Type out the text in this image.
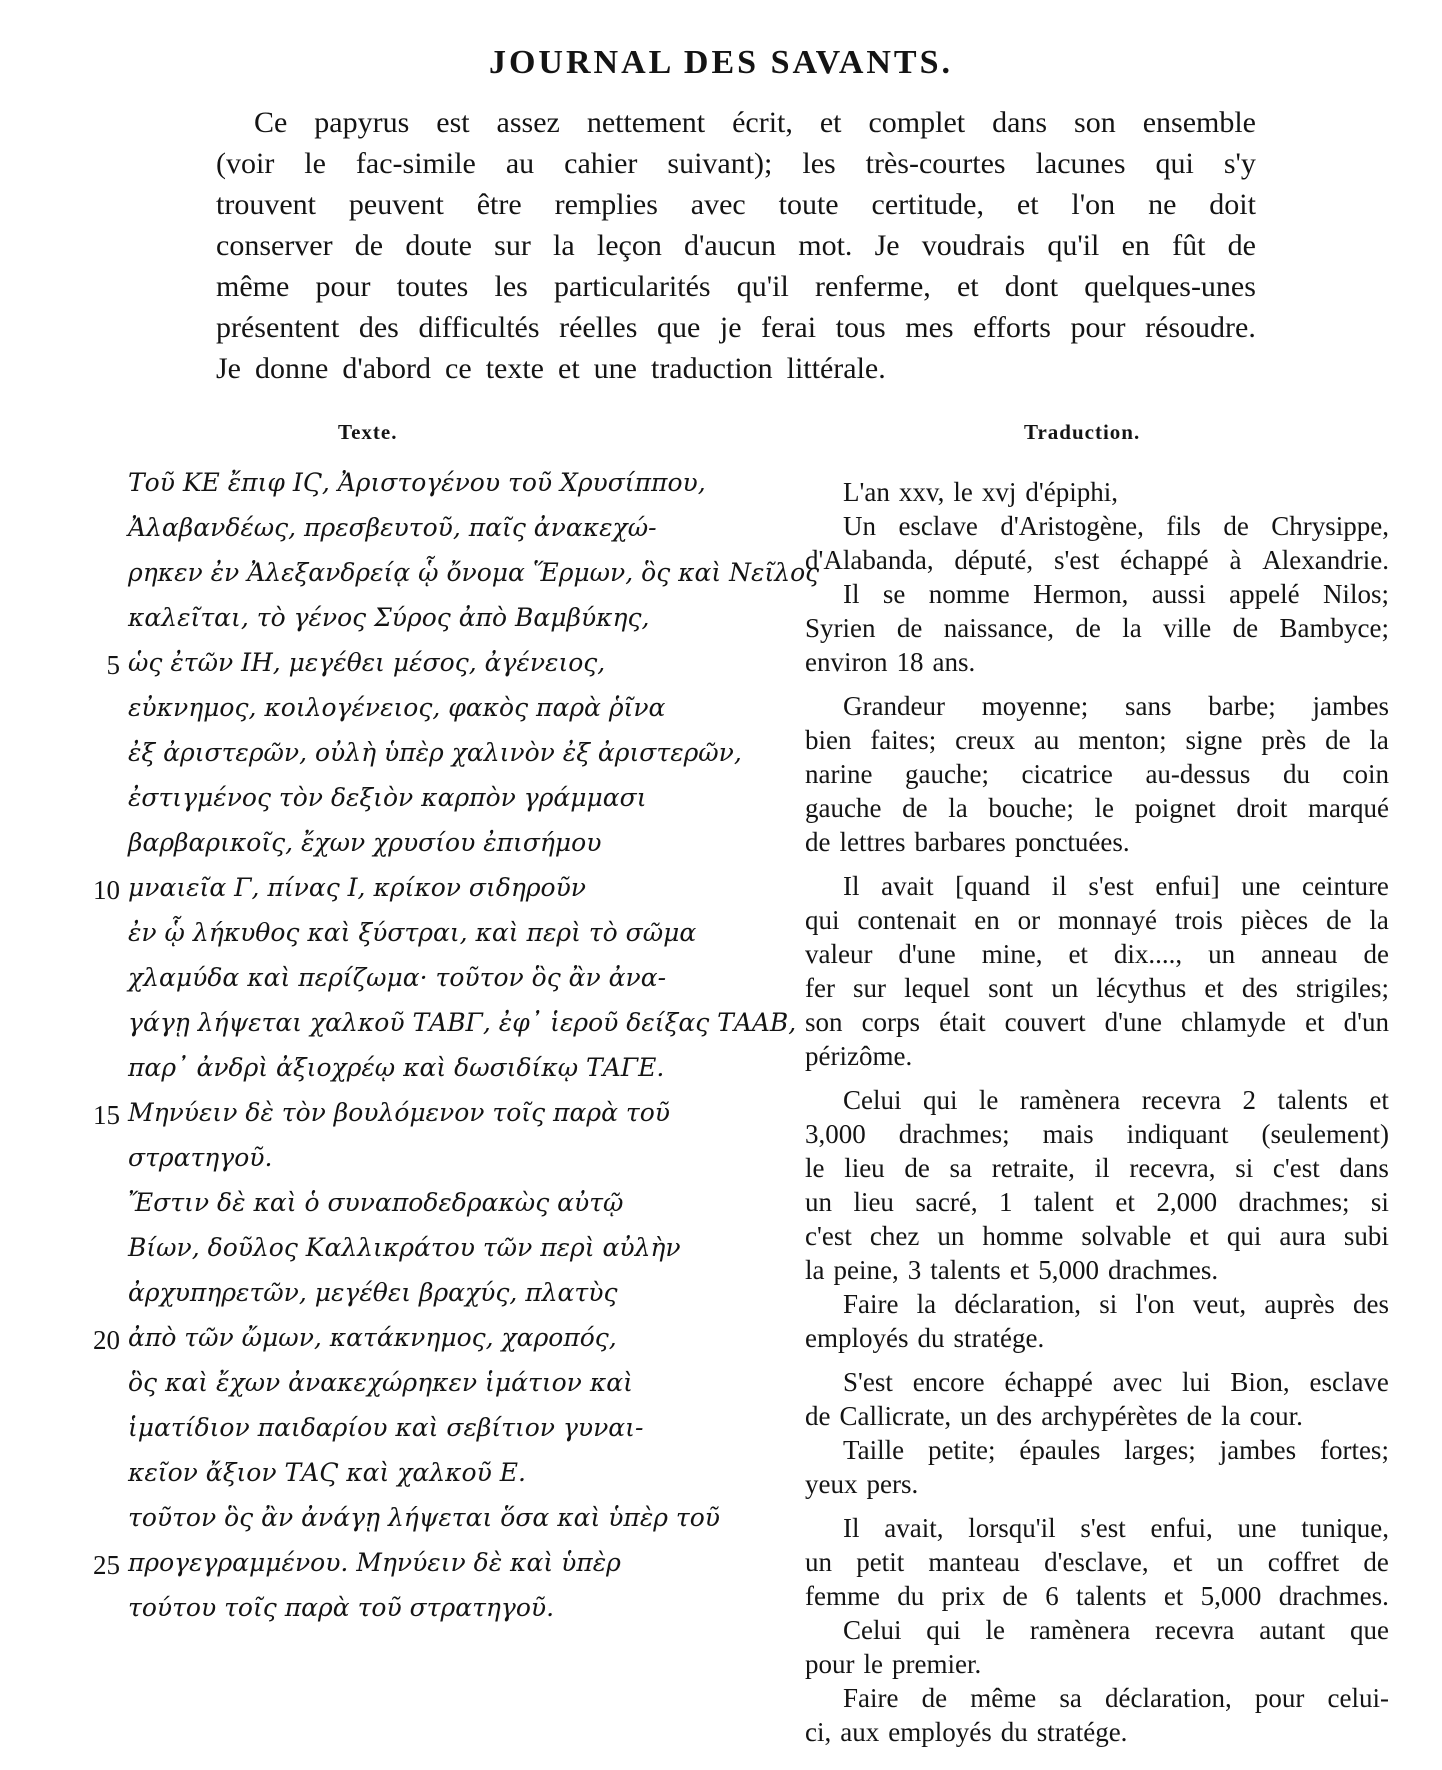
JOURNAL DES SAVANTS.
Ce papyrus est assez nettement écrit, et complet dans son ensemble
(voir le fac-simile au cahier suivant); les très-courtes lacunes qui s'y
trouvent peuvent être remplies avec toute certitude, et l'on ne doit
conserver de doute sur la leçon d'aucun mot. Je voudrais qu'il en fût de
même pour toutes les particularités qu'il renferme, et dont quelques-unes
présentent des difficultés réelles que je ferai tous mes efforts pour résoudre.
Je donne d'abord ce texte et une traduction littérale.
Texte.	Traduction.
Τοῦ ΚΕ ἔπιφ ΙϚ, Ἀριστογένου τοῦ Χρυσίππου,
Ἀλαβανδέως, πρεσβευτοῦ, παῖς ἀνακεχώ-
ρηκεν ἐν Ἀλεξανδρείᾳ ᾧ ὄνομα Ἕρμων, ὃς καὶ Νεῖλος
καλεῖται, τὸ γένος Σύρος ἀπὸ Βαμβύκης,
5 ὡς ἐτῶν ΙΗ, μεγέθει μέσος, ἀγένειος,
εὐκνημος, κοιλογένειος, φακὸς παρὰ ῥῖνα
ἐξ ἀριστερῶν, οὐλὴ ὑπὲρ χαλινὸν ἐξ ἀριστερῶν,
ἐστιγμένος τὸν δεξιὸν καρπὸν γράμμασι
βαρβαρικοῖς, ἔχων χρυσίου ἐπισήμου
10 μναιεῖα Γ, πίνας Ι, κρίκον σιδηροῦν
ἐν ᾧ λήκυθος καὶ ξύστραι, καὶ περὶ τὸ σῶμα
χλαμύδα καὶ περίζωμα· τοῦτον ὃς ἂν ἀνα-
γάγῃ λήψεται χαλκοῦ ΤΑΒΓ, ἐφ᾽ ἱεροῦ δείξας ΤΑΑΒ,
παρ᾽ ἀνδρὶ ἀξιοχρέῳ καὶ δωσιδίκῳ ΤΑΓΕ.
15 Μηνύειν δὲ τὸν βουλόμενον τοῖς παρὰ τοῦ
στρατηγοῦ.
Ἔστιν δὲ καὶ ὁ συναποδεδρακὼς αὐτῷ
Βίων, δοῦλος Καλλικράτου τῶν περὶ αὐλὴν
ἀρχυπηρετῶν, μεγέθει βραχύς, πλατὺς
20 ἀπὸ τῶν ὤμων, κατάκνημος, χαροπός,
ὃς καὶ ἔχων ἀνακεχώρηκεν ἱμάτιον καὶ
ἱματίδιον παιδαρίου καὶ σεβίτιον γυναι-
κεῖον ἄξιον ΤΑϚ καὶ χαλκοῦ Ε.
τοῦτον ὃς ἂν ἀνάγῃ λήψεται ὅσα καὶ ὑπὲρ τοῦ
25 προγεγραμμένου. Μηνύειν δὲ καὶ ὑπὲρ
τούτου τοῖς παρὰ τοῦ στρατηγοῦ.
L'an xxv, le xvj d'épiphi,
Un esclave d'Aristogène, fils de Chrysippe,
d'Alabanda, député, s'est échappé à Alexandrie.
Il se nomme Hermon, aussi appelé Nilos;
Syrien de naissance, de la ville de Bambyce;
environ 18 ans.
Grandeur moyenne; sans barbe; jambes
bien faites; creux au menton; signe près de la
narine gauche; cicatrice au-dessus du coin
gauche de la bouche; le poignet droit marqué
de lettres barbares ponctuées.
Il avait [quand il s'est enfui] une ceinture
qui contenait en or monnayé trois pièces de la
valeur d'une mine, et dix...., un anneau de
fer sur lequel sont un lécythus et des strigiles;
son corps était couvert d'une chlamyde et d'un
périzôme.
Celui qui le ramènera recevra 2 talents et
3,000 drachmes; mais indiquant (seulement)
le lieu de sa retraite, il recevra, si c'est dans
un lieu sacré, 1 talent et 2,000 drachmes; si
c'est chez un homme solvable et qui aura subi
la peine, 3 talents et 5,000 drachmes.
Faire la déclaration, si l'on veut, auprès des
employés du stratége.
S'est encore échappé avec lui Bion, esclave
de Callicrate, un des archypérètes de la cour.
Taille petite; épaules larges; jambes fortes;
yeux pers.
Il avait, lorsqu'il s'est enfui, une tunique,
un petit manteau d'esclave, et un coffret de
femme du prix de 6 talents et 5,000 drachmes.
Celui qui le ramènera recevra autant que
pour le premier.
Faire de même sa déclaration, pour celui-
ci, aux employés du stratége.
